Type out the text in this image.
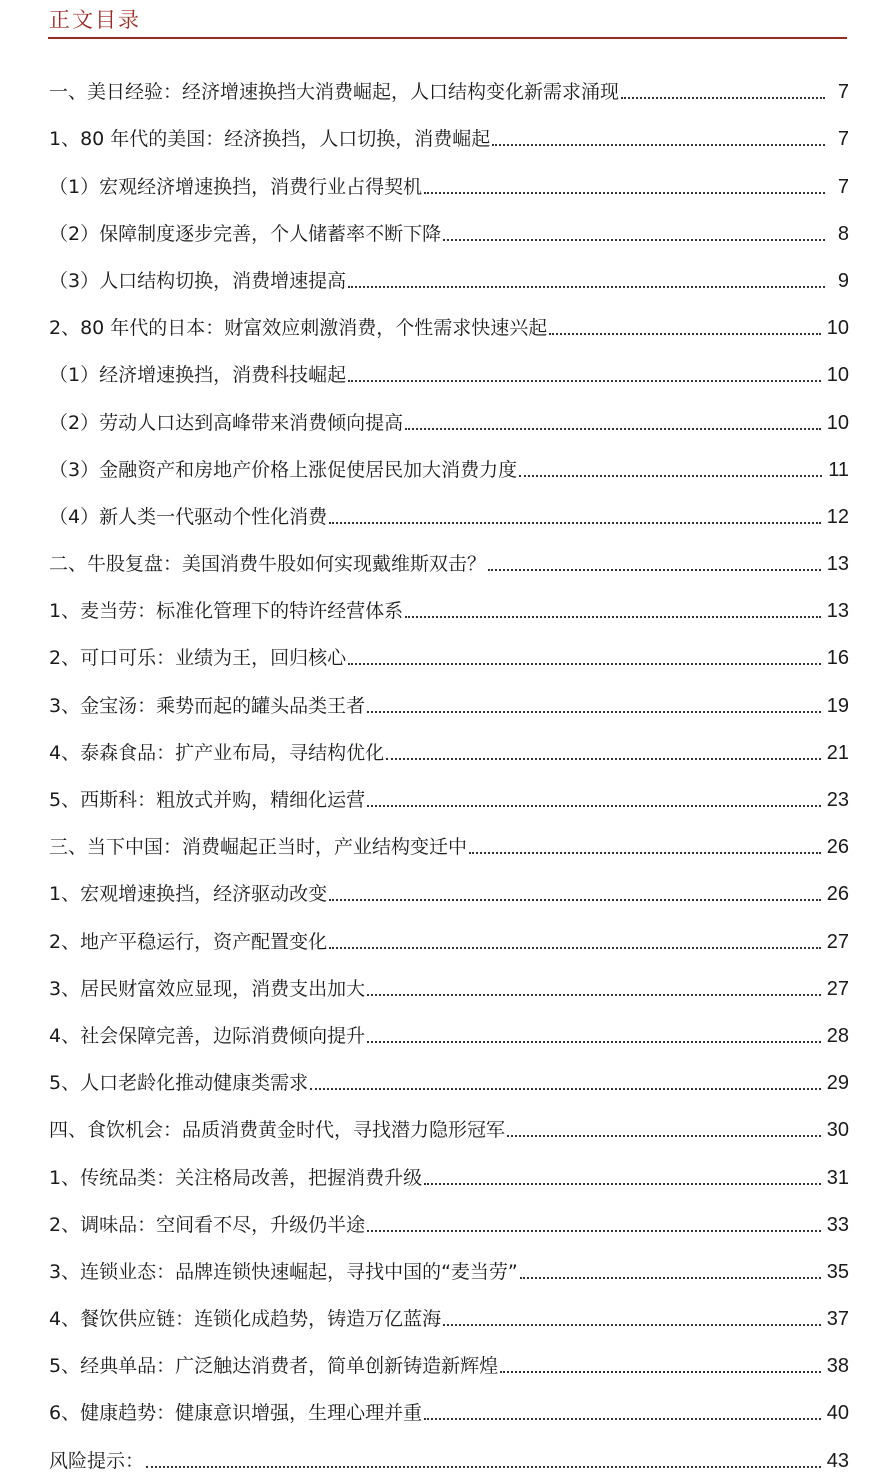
正文目录
一、美日经验：经济增速换挡大消费崛起，人口结构变化新需求涌现	7
1、80 年代的美国：经济换挡，人口切换，消费崛起	7
（1）宏观经济增速换挡，消费行业占得契机	7
（2）保障制度逐步完善，个人储蓄率不断下降	8
（3）人口结构切换，消费增速提高	9
2、80 年代的日本：财富效应刺激消费，个性需求快速兴起	10
（1）经济增速换挡，消费科技崛起	10
（2）劳动人口达到高峰带来消费倾向提高	10
（3）金融资产和房地产价格上涨促使居民加大消费力度	11
（4）新人类一代驱动个性化消费	12
二、牛股复盘：美国消费牛股如何实现戴维斯双击？	13
1、麦当劳：标准化管理下的特许经营体系	13
2、可口可乐：业绩为王，回归核心	16
3、金宝汤：乘势而起的罐头品类王者	19
4、泰森食品：扩产业布局，寻结构优化	21
5、西斯科：粗放式并购，精细化运营	23
三、当下中国：消费崛起正当时，产业结构变迁中	26
1、宏观增速换挡，经济驱动改变	26
2、地产平稳运行，资产配置变化	27
3、居民财富效应显现，消费支出加大	27
4、社会保障完善，边际消费倾向提升	28
5、人口老龄化推动健康类需求	29
四、食饮机会：品质消费黄金时代，寻找潜力隐形冠军	30
1、传统品类：关注格局改善，把握消费升级	31
2、调味品：空间看不尽，升级仍半途	33
3、连锁业态：品牌连锁快速崛起，寻找中国的“麦当劳”	35
4、餐饮供应链：连锁化成趋势，铸造万亿蓝海	37
5、经典单品：广泛触达消费者，简单创新铸造新辉煌	38
6、健康趋势：健康意识增强，生理心理并重	40
风险提示：	43
